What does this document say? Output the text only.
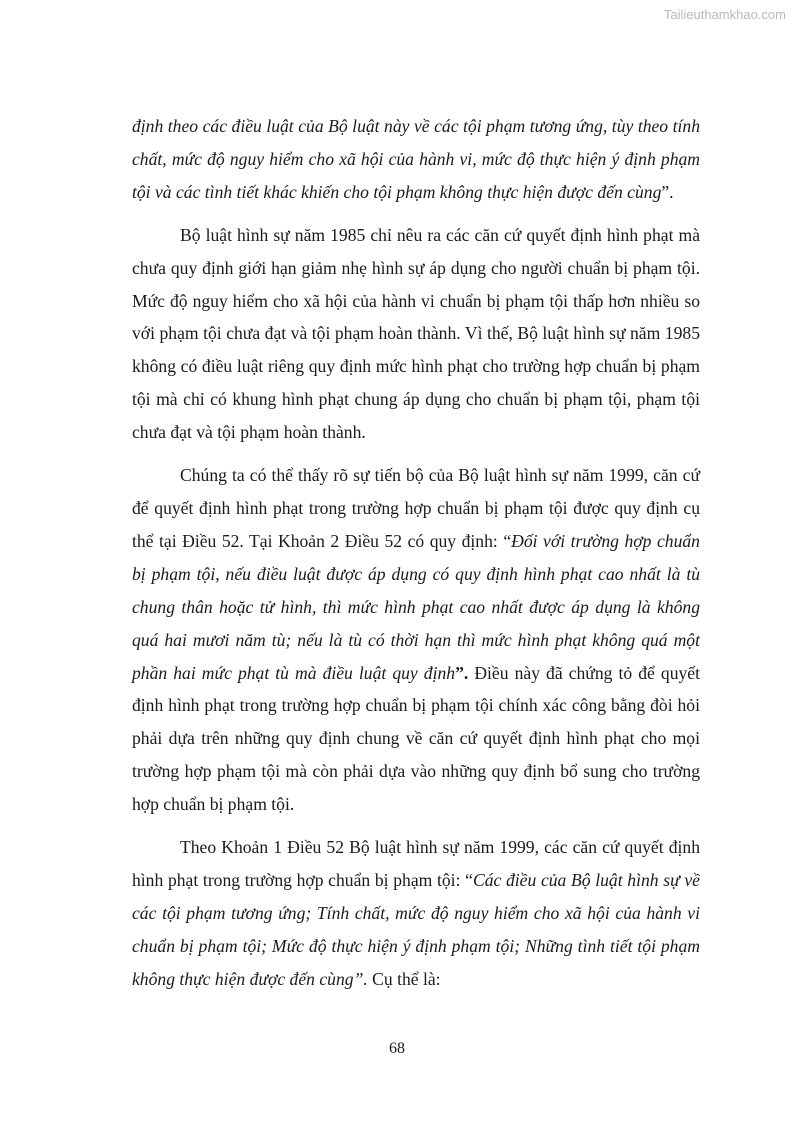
Tailieuthamkhao.com

định theo các điều luật của Bộ luật này về các tội phạm tương ứng, tùy theo tính chất, mức độ nguy hiểm cho xã hội của hành vi, mức độ thực hiện ý định phạm tội và các tình tiết khác khiến cho tội phạm không thực hiện được đến cùng”.

Bộ luật hình sự năm 1985 chỉ nêu ra các căn cứ quyết định hình phạt mà chưa quy định giới hạn giảm nhẹ hình sự áp dụng cho người chuẩn bị phạm tội. Mức độ nguy hiểm cho xã hội của hành vi chuẩn bị phạm tội thấp hơn nhiều so với phạm tội chưa đạt và tội phạm hoàn thành. Vì thế, Bộ luật hình sự năm 1985 không có điều luật riêng quy định mức hình phạt cho trường hợp chuẩn bị phạm tội mà chỉ có khung hình phạt chung áp dụng cho chuẩn bị phạm tội, phạm tội chưa đạt và tội phạm hoàn thành.

Chúng ta có thể thấy rõ sự tiến bộ của Bộ luật hình sự năm 1999, căn cứ để quyết định hình phạt trong trường hợp chuẩn bị phạm tội được quy định cụ thể tại Điều 52. Tại Khoản 2 Điều 52 có quy định: “Đối với trường hợp chuẩn bị phạm tội, nếu điều luật được áp dụng có quy định hình phạt cao nhất là tù chung thân hoặc tử hình, thì mức hình phạt cao nhất được áp dụng là không quá hai mươi năm tù; nếu là tù có thời hạn thì mức hình phạt không quá một phần hai mức phạt tù mà điều luật quy định”. Điều này đã chứng tỏ để quyết định hình phạt trong trường hợp chuẩn bị phạm tội chính xác công bằng đòi hỏi phải dựa trên những quy định chung về căn cứ quyết định hình phạt cho mọi trường hợp phạm tội mà còn phải dựa vào những quy định bổ sung cho trường hợp chuẩn bị phạm tội.

Theo Khoản 1 Điều 52 Bộ luật hình sự năm 1999, các căn cứ quyết định hình phạt trong trường hợp chuẩn bị phạm tội: “Các điều của Bộ luật hình sự về các tội phạm tương ứng; Tính chất, mức độ nguy hiểm cho xã hội của hành vi chuẩn bị phạm tội; Mức độ thực hiện ý định phạm tội; Những tình tiết tội phạm không thực hiện được đến cùng”. Cụ thể là:

68
